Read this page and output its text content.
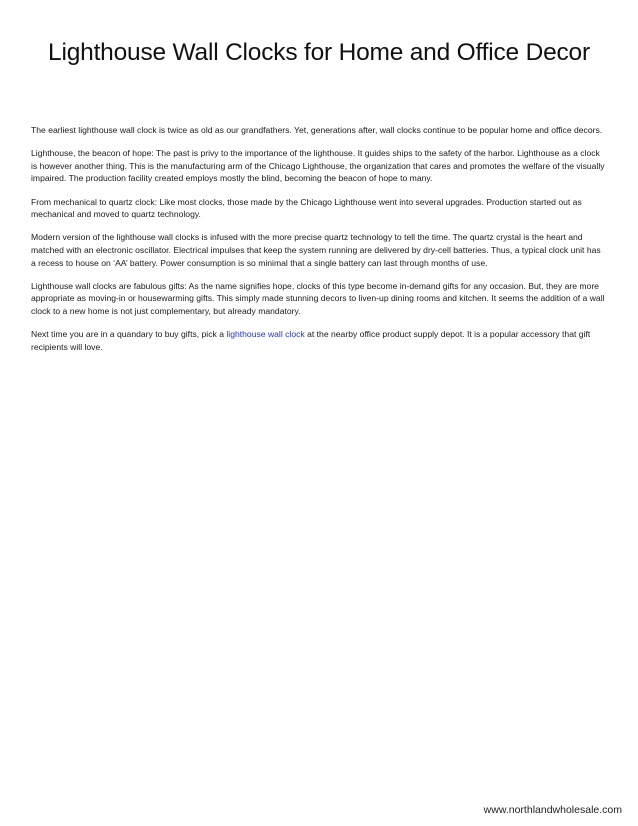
Lighthouse Wall Clocks for Home and Office Decor

The earliest lighthouse wall clock is twice as old as our grandfathers. Yet, generations after, wall clocks continue to be popular home and office decors.

Lighthouse, the beacon of hope: The past is privy to the importance of the lighthouse. It guides ships to the safety of the harbor. Lighthouse as a clock is however another thing. This is the manufacturing arm of the Chicago Lighthouse, the organization that cares and promotes the welfare of the visually impaired. The production facility created employs mostly the blind, becoming the beacon of hope to many.

From mechanical to quartz clock: Like most clocks, those made by the Chicago Lighthouse went into several upgrades. Production started out as mechanical and moved to quartz technology.

Modern version of the lighthouse wall clocks is infused with the more precise quartz technology to tell the time. The quartz crystal is the heart and matched with an electronic oscillator. Electrical impulses that keep the system running are delivered by dry-cell batteries. Thus, a typical clock unit has a recess to house on ‘AA’ battery. Power consumption is so minimal that a single battery can last through months of use.

Lighthouse wall clocks are fabulous gifts: As the name signifies hope, clocks of this type become in-demand gifts for any occasion. But, they are more appropriate as moving-in or housewarming gifts. This simply made stunning decors to liven-up dining rooms and kitchen. It seems the addition of a wall clock to a new home is not just complementary, but already mandatory.

Next time you are in a quandary to buy gifts, pick a lighthouse wall clock at the nearby office product supply depot. It is a popular accessory that gift recipients will love.

www.northlandwholesale.com
